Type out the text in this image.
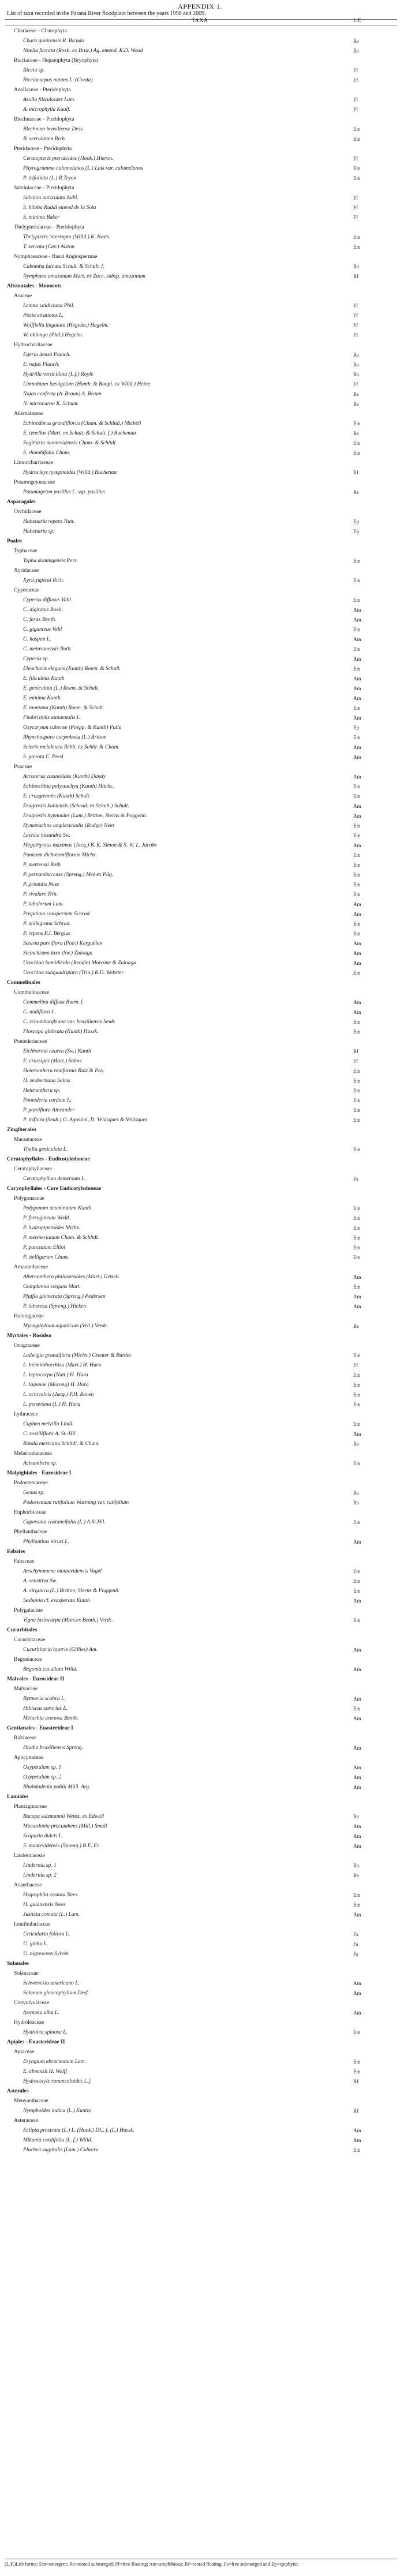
APPENDIX 1.
List of taxa recorded in the Paraná River floodplain between the years 1998 and 2009.
TAXA	L.F.
Characeae - Charophyta
Chara guairensis R. Bicudo	Rs
Nitella furcata (Roxb. ex Bruz.) Ag. emend. R.D. Wood	Rs
Ricciaceae - Hepatophyta (Bryophyta)
Riccia sp.	Ff
Ricciocarpus natans L. (Corda)	Ff
Azollaceae - Pteridophyta
Azolla filiculoides Lam.	Ff
A. microphylla Kaulf.	Ff
Blechnaceae - Pteridophyta
Blechnum brasiliense Desv.	Em
B. serrulatum Rich.	Em
Pteridaceae - Pteridophyta
Ceratopteris pteridoides (Hook.) Hieron.	Ff
Pityrogramma calomelanos (L.) Link var. calomelanos	Em
P. trifoliata (L.) R.Tryon	Em
Salviniaceae - Pteridophyta
Salvinia auriculata Aubl.	Ff
S. biloba Raddi emend de la Sota	Ff
S. minima Baker	Ff
Thelypteridaceae - Pteridophyta
Thelypteris interrupta (Willd.) K. Iwats.	Em
T. serrata (Cav.) Alston	Em
Nymphaeaceae - Basal Angiospermae
Cabomba furcata Schult. & Schult. f.	Rs
Nymphaea amazonum Mart. ex Zucc. subsp. amazonum	Rf
Alismatales - Monocots
Araceae
Lemna valdiviana Phil.	Ff
Pistia stratiotes L.	Ff
Wolffiella lingulata (Hegelm.) Hegelm.	Ff
W. oblonga (Phil.) Hegelm.	Ff
Hydrocharitaceae
Egeria densa Planch.	Rs
E. najas Planch.	Rs
Hydrilla verticillata (L.f.) Royle	Rs
Limnobium laevigatum (Humb. & Bonpl. ex Willd.) Heine	Ff
Najas conferta (A. Braun) A. Braun	Rs
N. microcarpa K. Schum.	Rs
Alismataceae
Echinodorus grandiflorus (Cham. & Schltdl.) Micheli	Em
E. tenellus (Mart. ex Schult. & Schult. f.) Buchenau	Rs
Sagittaria montevidensis Cham. & Schltdl.	Em
S. rhombifolia Cham.	Em
Limnocharitaceae
Hydrocleys nymphoides (Willd.) Buchenau	Rf
Potamogetonaceae
Potamogeton pusillus L. ssp. pusillus	Rs
Asparagales
Orchidaceae
Habenaria repens Nutt.	Ep
Habenaria sp.	Ep
Poales
Typhaceae
Typha domingensis Pers.	Em
Xyridaceae
Xyris jupicai Rich.	Em
Cyperaceae
Cyperus diffusus Vahl	Em
C. digitatus Roxb.	Am
C. ferax Benth.	Am
C. giganteus Vahl	Em
C. haspan L.	Am
C. meinsanensis Roth.	Em
Cyperus sp.	Am
Eleocharis elegans (Kunth) Roem. & Schult.	Em
E. filiculmis Kunth	Am
E. geniculata (L.) Roem. & Schult.	Am
E. minima Kunth	Am
E. montana (Kunth) Roem. & Schult.	Em
Fimbristylis autumnalis L.	Am
Oxycaryum cubense (Poepp. & Kunth) Palla	Ep
Rhynchospora corymbosa (L.) Britton	Em
Scleria melaleuca Rchb. ex Schltr. & Cham.	Am
S. pterota C. Presl	Am
Poaceae
Acroceras zizanioides (Kunth) Dandy	Am
Echinochloa polystachya (Kunth) Hitchc.	Em
E. crusgavonis (Kunth) Schult.	Em
Eragrostis bahiensis (Schrad. ex Schult.) Schult.	Am
Eragrostis hypnoides (Lam.) Britton, Sterns & Poggenb.	Am
Hymenachne amplexicaulis (Rudge) Nees	Em
Leersia hexandra Sw.	Em
Megathyrsus maximus (Jacq.) B. K. Simon & S. W. L. Jacobs	Am
Panicum dichotomiflorum Michx.	Em
P. mertensii Roth	Em
P. pernambucense (Spreng.) Mez ex Pilg.	Em
P. prionitis Nees	Em
P. rivulare Trin.	Em
P. tabulorum Lam.	Am
Paspalum conspersum Schrad.	Am
P. millegrana Schrad.	Em
P. repens P.J. Bergius	Em
Setaria parviflora (Poir.) Kerguélen	Am
Steinchisma laxa (Sw.) Zuloaga	Am
Urochloa humidicola (Rendle) Morrone & Zuloaga	Am
Urochloa subquadripara (Trin.) R.D. Webster	Em
Commelinales
Commelinaceae
Commelina diffusa Burm. f.	Am
C. nudiflora L.	Am
C. schomburgkiana var. brasiliensis Seub.	Em
Floscopa glabrata (Kunth) Hassk.	Em
Pontederiaceae
Eichhornia azurea (Sw.) Kunth	Rf
E. crassipes (Mart.) Solms	Ff
Heteranthera reniformis Ruiz & Pav.	Em
H. seubertiana Solms	Em
Heteranthera sp.	Em
Pontederia cordata L.	Em
P. parviflora Alexander	Em
P. triflora (Seub.) G. Agostini, D. Velásquez & Velásquez	Em
Zingiberales
Marantaceae
Thalia geniculata L.	Em
Ceratophyllales - Eudicotyledoneae
Ceratophyllaceae
Ceratophyllum demersum L.	Fs
Caryophyllales - Core Eudicotyledoneae
Polygonaceae
Polygonum acuminatum Kunth	Em
P. ferrugineum Wedd.	Em
P. hydropiperoides Michx.	Em
P. meisnerianum Cham. & Schltdl.	Em
P. punctatum Elliot	Em
P. stelligerum Cham.	Em
Amaranthaceae
Alternanthera philoxeroides (Mart.) Griseb.	Am
Gomphrena elegans Mart.	Em
Pfaffia glomerata (Spreng.) Pedersen	Am
P. tuberosa (Spreng.) Hicken	Am
Haloragaceae
Myriophyllum aquaticum (Vell.) Verdc.	Rs
Myrtales - Rosidea
Onagraceae
Ludwigia grandiflora (Michx.) Greuter & Burdet	Em
L. helminthorrhiza (Mart.) H. Hara	Ff
L. leptocarpa (Nutt.) H. Hara	Em
L. lagunae (Morong) H. Hara	Em
L. octovalvis (Jacq.) P.H. Raven	Em
L. peruviana (L.) H. Hara	Em
Lythraceae
Cuphea melvilla Lindl.	Em
C. sessiliflora A. St.-Hil.	Am
Rotala mexicana Schltdl. & Cham.	Rs
Melastomataceae
Acisanthera sp.	Em
Malpighiales - Eurosideae I
Podostemaceae
Genus sp.	Rs
Podostemum rutifolium Warming var. rutifolium	Rs
Euphorbiaceae
Caperonia castaneifolia (L.) A.St.Hil.	Em
Phyllanthaceae
Phyllanthus niruri L.	Am
Fabales
Fabaceae
Aeschynomene montevidensis Vogel	Em
A. sensitiva Sw.	Em
A. virginica (L.) Britton, Sterns & Poggenb.	Em
Sesbania cf. exasperata Kunth	Am
Polygalaceae
Vigna lasiocarpa (Mart.ex Benth.) Verdc.	Em
Cucurbitales
Cucurbitaceae
Cucurbitaria hystrix (Gillies) Am.	Am
Begoniaceae
Begonia cucullata Willd.	Am
Malvales - Eurosideae II
Malvaceae
Byttneria scabra L.	Am
Hibiscus sororius L.	Em
Melochia arenosa Benth.	Am
Gentianales - Euasterideae I
Rubiaceae
Diodia brasiliensis Spreng.	Am
Apocynaceae
Oxypetalum sp. 1	Am
Oxypetalum sp. 2	Am
Rhabdadenia pohlii Müll. Arg.	Am
Lamiales
Plantaginaceae
Bacopa salzmannii Wettst. ex Edwall	Rs
Mecardonia procumbens (Mill.) Small	Am
Scoparia dulcis L.	Am
S. montevidensis (Spreng.) R.E. Fr.	Am
Linderniaceae
Lindernia sp. 1	Rs
Lindernia sp. 2	Rs
Acanthaceae
Hygrophila costata Nees	Em
H. guianensis Nees	Em
Justicia comata (L.) Lam.	Am
Lentibulariaceae
Utricularia foliosa L.	Fs
U. gibba L.	Fs
U. nigrescens Sylvén	Fs
Solanales
Solanaceae
Schwenckia americana L.	Am
Solanum glaucophyllum Desf.	Am
Convolvulaceae
Ipomoea alba L.	Am
Hydroleaceae
Hydrolea spinosa L.	Em
Apiales - Euasterideae II
Apiaceae
Eryngium ebracteatum Lam.	Em
E. elmensii H. Wolff	Em
Hydrocotyle ranunculoides L.f.	Rf
Asterales
Menyanthaceae
Nymphoides indica (L.) Kuntze	Rf
Asteraceae
Eclipta prostrata (L.) L. (Hook.) DC. f. (L.) Hassk.	Am
Mikania cordifolia (L. f.) Willd.	Am
Pluchea sagittalis (Lam.) Cabrera	Em
(L.F.)Life forms; Em=emergent; Rs=rooted submerged; Ff=free-floating; Am=amphibious; Rf=rooted floating; Fs=free submerged and Ep=epiphytic.
